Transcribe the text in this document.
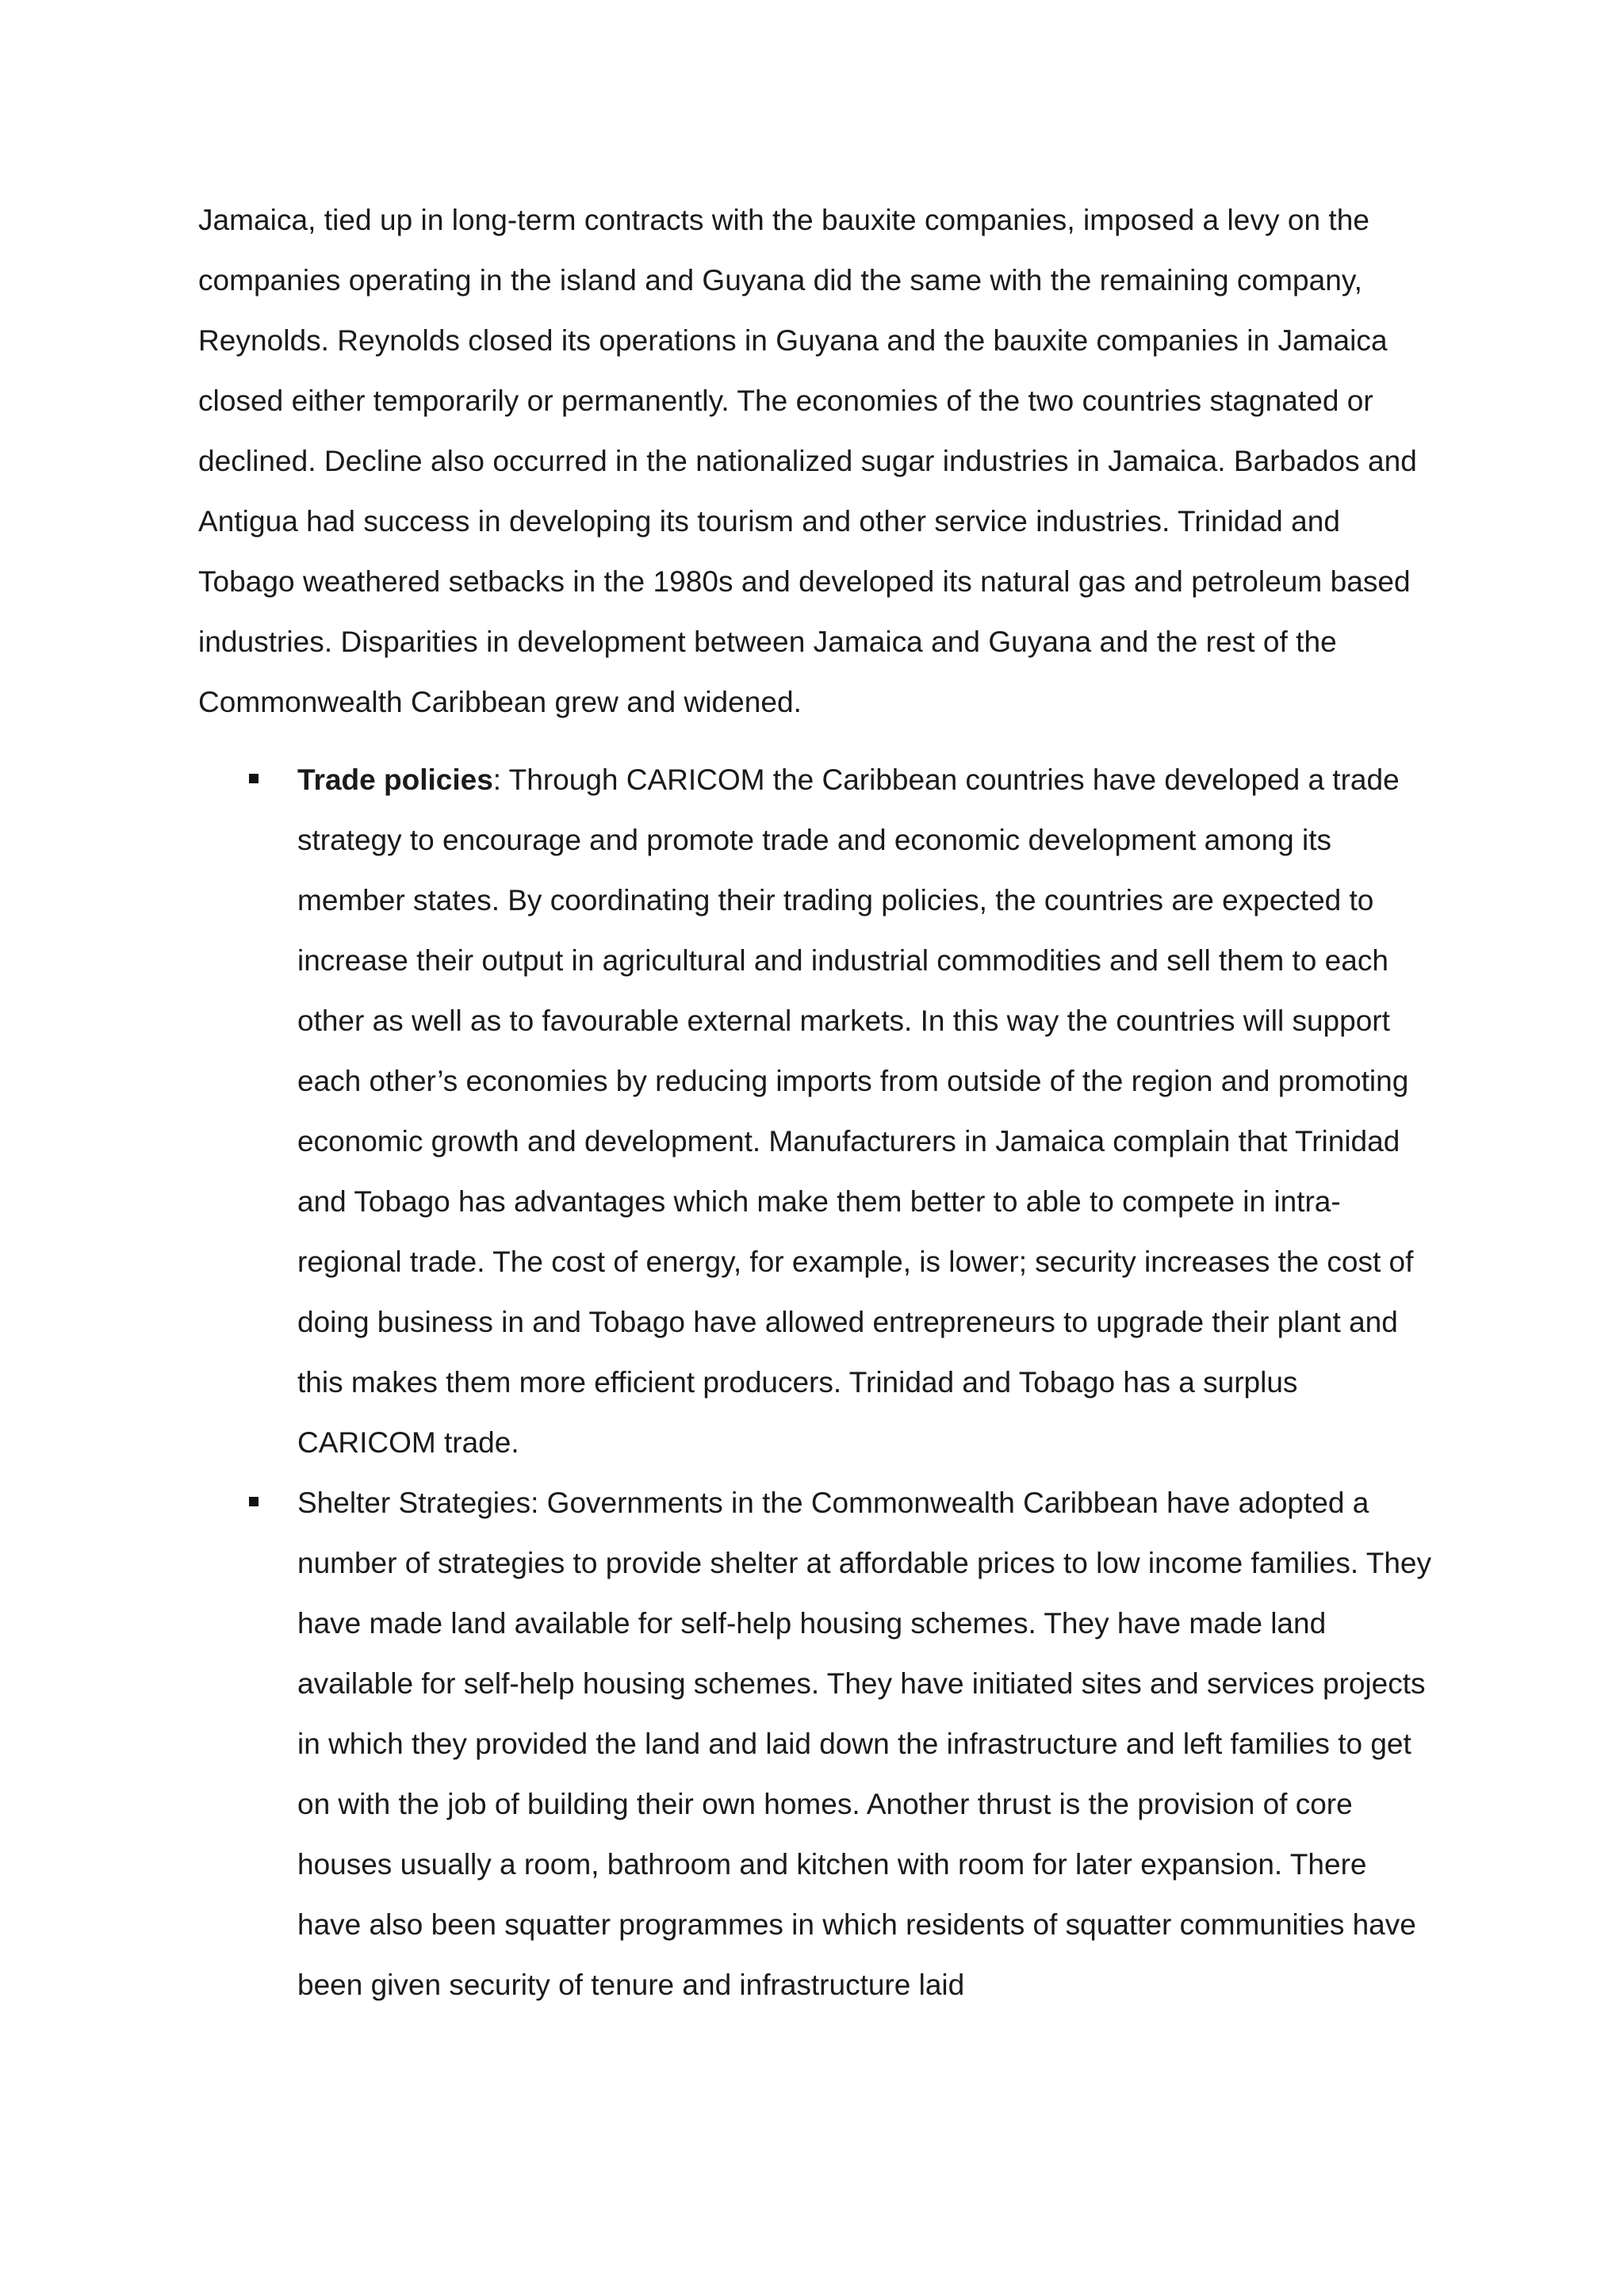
Jamaica, tied up in long-term contracts with the bauxite companies, imposed a levy on the companies operating in the island and Guyana did the same with the remaining company, Reynolds. Reynolds closed its operations in Guyana and the bauxite companies in Jamaica closed either temporarily or permanently. The economies of the two countries stagnated or declined. Decline also occurred in the nationalized sugar industries in Jamaica. Barbados and Antigua had success in developing its tourism and other service industries. Trinidad and Tobago weathered setbacks in the 1980s and developed its natural gas and petroleum based industries. Disparities in development between Jamaica and Guyana and the rest of the Commonwealth Caribbean grew and widened.

Trade policies: Through CARICOM the Caribbean countries have developed a trade strategy to encourage and promote trade and economic development among its member states. By coordinating their trading policies, the countries are expected to increase their output in agricultural and industrial commodities and sell them to each other as well as to favourable external markets. In this way the countries will support each other’s economies by reducing imports from outside of the region and promoting economic growth and development. Manufacturers in Jamaica complain that Trinidad and Tobago has advantages which make them better to able to compete in intra-regional trade. The cost of energy, for example, is lower; security increases the cost of doing business in and Tobago have allowed entrepreneurs to upgrade their plant and this makes them more efficient producers. Trinidad and Tobago has a surplus CARICOM trade.
Shelter Strategies: Governments in the Commonwealth Caribbean have adopted a number of strategies to provide shelter at affordable prices to low income families. They have made land available for self-help housing schemes. They have made land available for self-help housing schemes. They have initiated sites and services projects in which they provided the land and laid down the infrastructure and left families to get on with the job of building their own homes. Another thrust is the provision of core houses usually a room, bathroom and kitchen with room for later expansion. There have also been squatter programmes in which residents of squatter communities have been given security of tenure and infrastructure laid
